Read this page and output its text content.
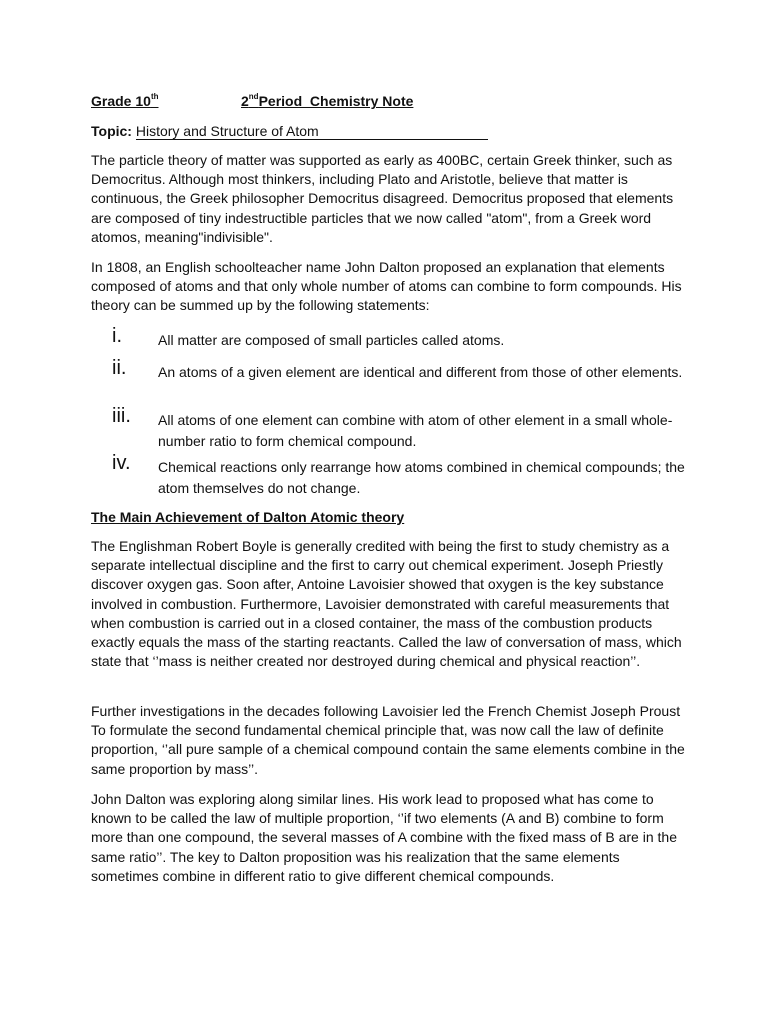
Grade 10th	2ndPeriod  Chemistry Note
Topic: History and Structure of Atom

The particle theory of matter was supported as early as 400BC, certain Greek thinker, such as Democritus. Although most thinkers, including Plato and Aristotle, believe that matter is continuous, the Greek philosopher Democritus disagreed. Democritus proposed that elements are composed of tiny indestructible particles that we now called "atom", from a Greek word atomos, meaning"indivisible".

In 1808, an English schoolteacher name John Dalton proposed an explanation that elements composed of atoms and that only whole number of atoms can combine to form compounds. His theory can be summed up by the following statements:

i.	All matter are composed of small particles called atoms.
ii. An atoms of a given element are identical and different from those of other elements.
iii. All atoms of one element can combine with atom of other element in a small whole-number ratio to form chemical compound.
iv. Chemical reactions only rearrange how atoms combined in chemical compounds; the atom themselves do not change.
The Main Achievement of Dalton Atomic theory

The Englishman Robert Boyle is generally credited with being the first to study chemistry as a separate intellectual discipline and the first to carry out chemical experiment. Joseph Priestly discover oxygen gas. Soon after, Antoine Lavoisier showed that oxygen is the key substance involved in combustion. Furthermore, Lavoisier demonstrated with careful measurements that when combustion is carried out in a closed container, the mass of the combustion products exactly equals the mass of the starting reactants. Called the law of conversation of mass, which state that ‘’mass is neither created nor destroyed during chemical and physical reaction’’.

Further investigations in the decades following Lavoisier led the French Chemist Joseph Proust To formulate the second fundamental chemical principle that, was now call the law of definite proportion, ‘’all pure sample of a chemical compound contain the same elements combine in the same proportion by mass’’.

John Dalton was exploring along similar lines. His work lead to proposed what has come to known to be called the law of multiple proportion, ‘’if two elements (A and B) combine to form more than one compound, the several masses of A combine with the fixed mass of B are in the same ratio’’. The key to Dalton proposition was his realization that the same elements sometimes combine in different ratio to give different chemical compounds.
